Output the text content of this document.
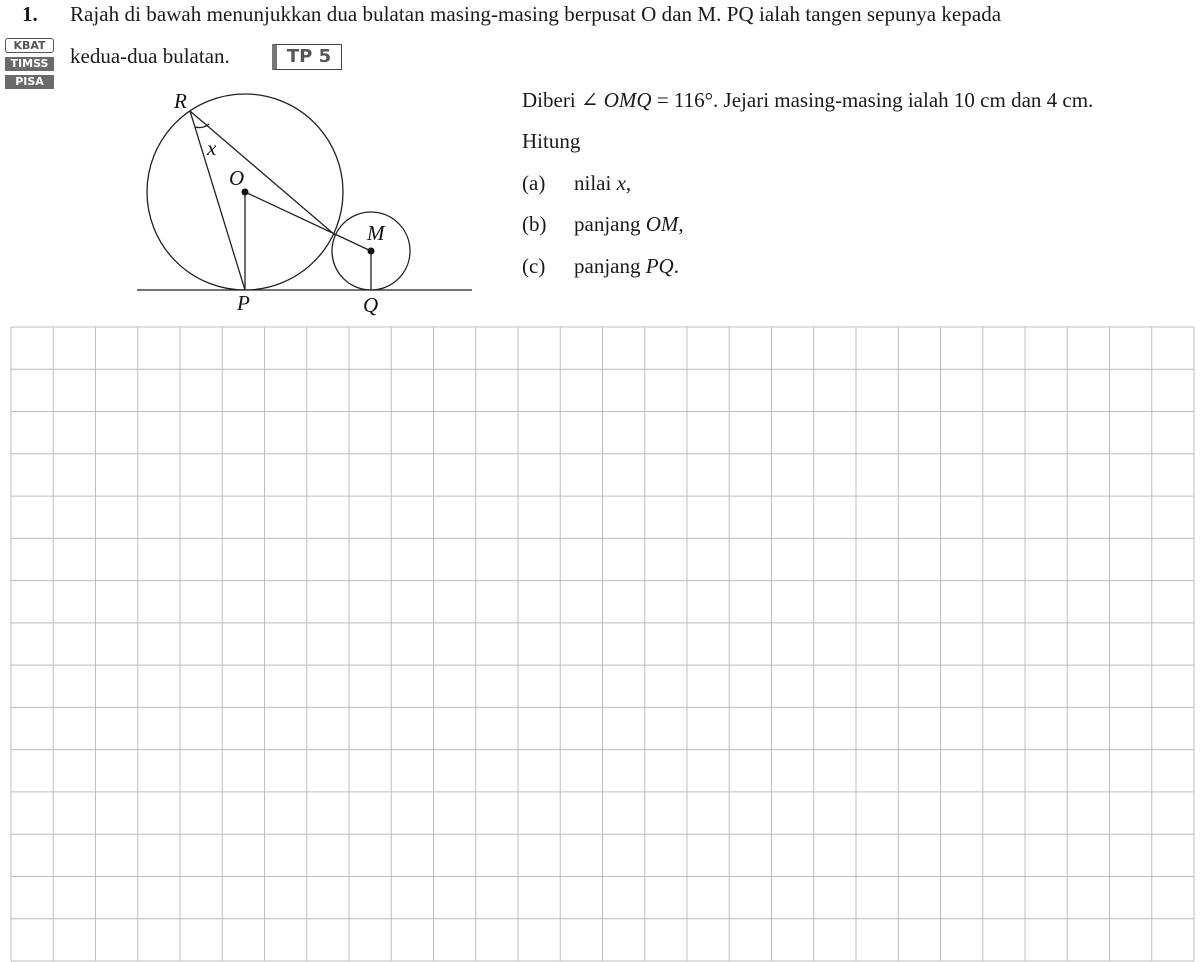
1. Rajah di bawah menunjukkan dua bulatan masing-masing berpusat O dan M. PQ ialah tangen sepunya kepada
kedua-dua bulatan.	TP 5
KBAT
TIMSS
PISA
Diberi ∠ OMQ = 116°. Jejari masing-masing ialah 10 cm dan 4 cm.
Hitung
(a) nilai x,
(b) panjang OM,
(c) panjang PQ.
R
O
M
P	Q
x
